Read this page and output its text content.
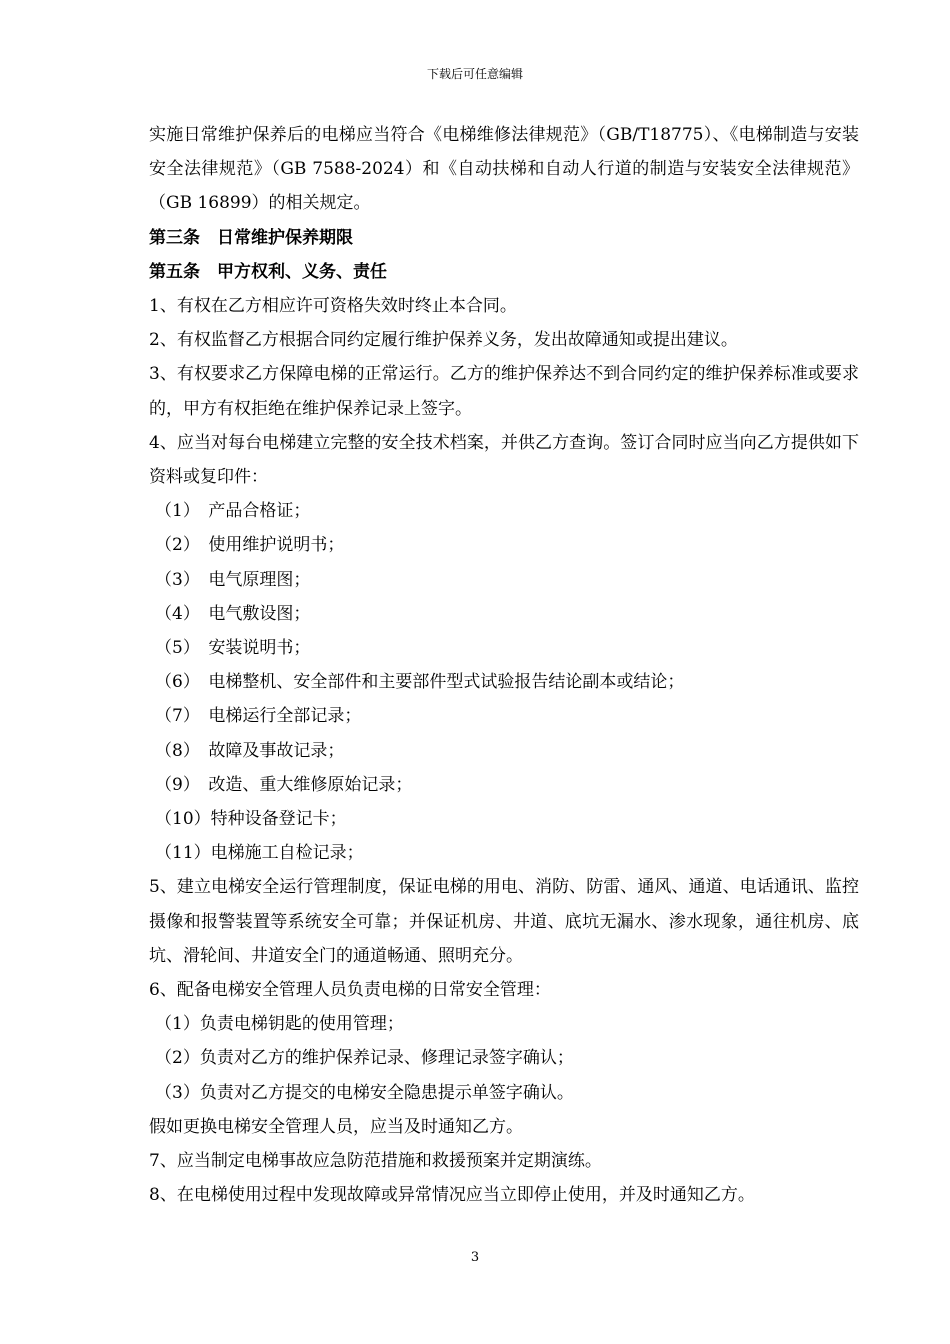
下载后可任意编辑

实施日常维护保养后的电梯应当符合《电梯维修法律规范》（GB/T18775）、《电梯制造与安装安全法律规范》（GB 7588-2024）和《自动扶梯和自动人行道的制造与安装安全法律规范》（GB 16899）的相关规定。

第三条　日常维护保养期限

第五条　甲方权利、义务、责任

1、有权在乙方相应许可资格失效时终止本合同。

2、有权监督乙方根据合同约定履行维护保养义务，发出故障通知或提出建议。

3、有权要求乙方保障电梯的正常运行。乙方的维护保养达不到合同约定的维护保养标准或要求的，甲方有权拒绝在维护保养记录上签字。

4、应当对每台电梯建立完整的安全技术档案，并供乙方查询。签订合同时应当向乙方提供如下资料或复印件：

（1）　产品合格证；

（2）　使用维护说明书；

（3）　电气原理图；

（4）　电气敷设图；

（5）　安装说明书；

（6）　电梯整机、安全部件和主要部件型式试验报告结论副本或结论；

（7）　电梯运行全部记录；

（8）　故障及事故记录；

（9）　改造、重大维修原始记录；

（10）特种设备登记卡；

（11）电梯施工自检记录；

5、建立电梯安全运行管理制度，保证电梯的用电、消防、防雷、通风、通道、电话通讯、监控摄像和报警装置等系统安全可靠；并保证机房、井道、底坑无漏水、渗水现象，通往机房、底坑、滑轮间、井道安全门的通道畅通、照明充分。

6、配备电梯安全管理人员负责电梯的日常安全管理：

（1）负责电梯钥匙的使用管理；

（2）负责对乙方的维护保养记录、修理记录签字确认；

（3）负责对乙方提交的电梯安全隐患提示单签字确认。

假如更换电梯安全管理人员，应当及时通知乙方。

7、应当制定电梯事故应急防范措施和救援预案并定期演练。

8、在电梯使用过程中发现故障或异常情况应当立即停止使用，并及时通知乙方。

3
